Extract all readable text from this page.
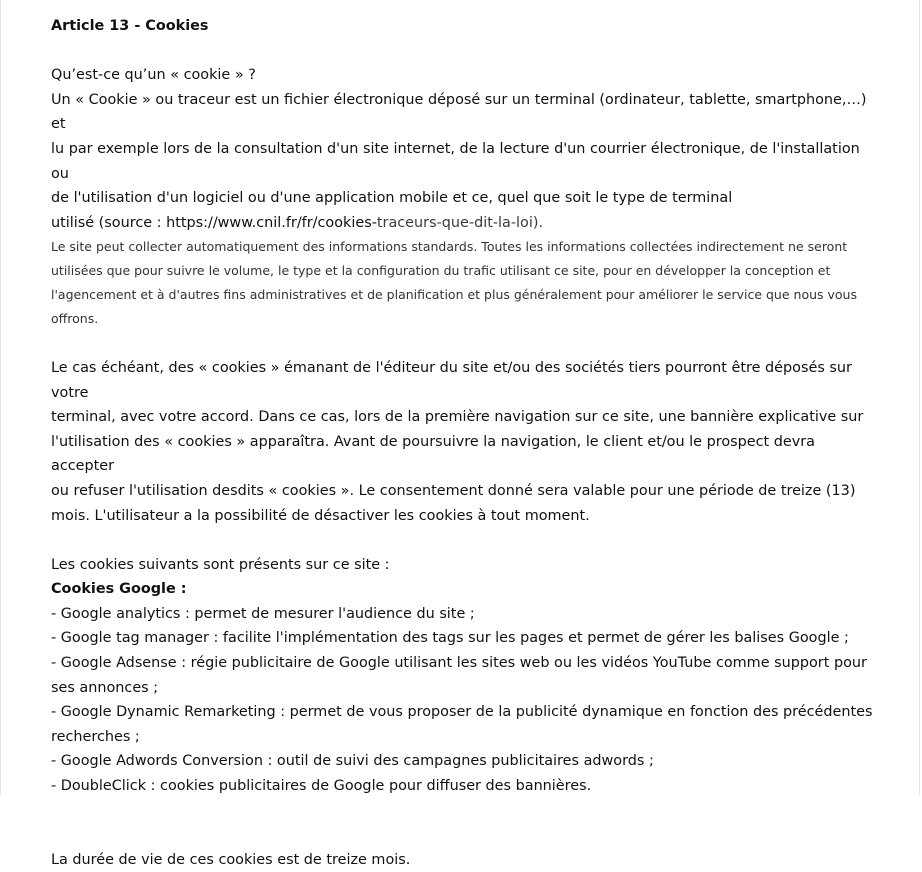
Article 13 - Cookies
Qu’est-ce qu’un « cookie » ?
Un « Cookie » ou traceur est un fichier électronique déposé sur un terminal (ordinateur, tablette, smartphone,…) et
lu par exemple lors de la consultation d'un site internet, de la lecture d'un courrier électronique, de l'installation ou
de l'utilisation d'un logiciel ou d'une application mobile et ce, quel que soit le type de terminal
utilisé (source : https://www.cnil.fr/fr/cookies-traceurs-que-dit-la-loi).
Le site peut collecter automatiquement des informations standards. Toutes les informations collectées indirectement ne seront
utilisées que pour suivre le volume, le type et la configuration du trafic utilisant ce site, pour en développer la conception et
l'agencement et à d'autres fins administratives et de planification et plus généralement pour améliorer le service que nous vous
offrons.
Le cas échéant, des « cookies » émanant de l'éditeur du site et/ou des sociétés tiers pourront être déposés sur votre
terminal, avec votre accord. Dans ce cas, lors de la première navigation sur ce site, une bannière explicative sur
l'utilisation des « cookies » apparaîtra. Avant de poursuivre la navigation, le client et/ou le prospect devra accepter
ou refuser l'utilisation desdits « cookies ». Le consentement donné sera valable pour une période de treize (13)
mois. L'utilisateur a la possibilité de désactiver les cookies à tout moment.
Les cookies suivants sont présents sur ce site :
Cookies Google :
- Google analytics : permet de mesurer l'audience du site ;
- Google tag manager : facilite l'implémentation des tags sur les pages et permet de gérer les balises Google ;
- Google Adsense : régie publicitaire de Google utilisant les sites web ou les vidéos YouTube comme support pour
ses annonces ;
- Google Dynamic Remarketing : permet de vous proposer de la publicité dynamique en fonction des précédentes
recherches ;
- Google Adwords Conversion : outil de suivi des campagnes publicitaires adwords ;
- DoubleClick : cookies publicitaires de Google pour diffuser des bannières.
La durée de vie de ces cookies est de treize mois.
